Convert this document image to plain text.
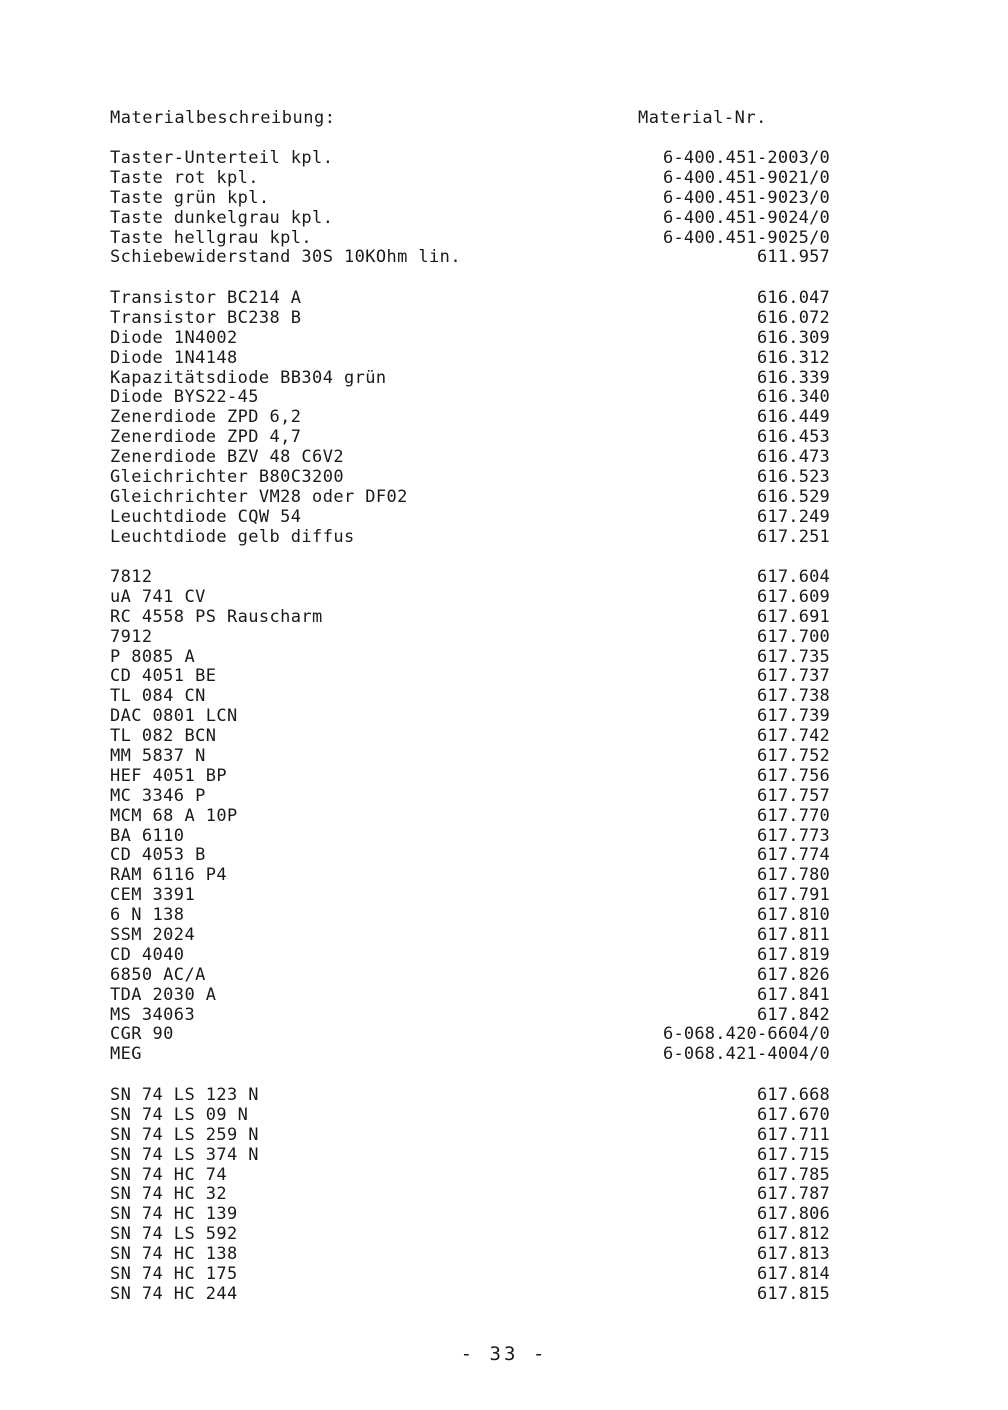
Materialbeschreibung:	Material-Nr.
Taster-Unterteil kpl.	6-400.451-2003/0
Taste rot kpl.	6-400.451-9021/0
Taste grün kpl.	6-400.451-9023/0
Taste dunkelgrau kpl.	6-400.451-9024/0
Taste hellgrau kpl.	6-400.451-9025/0
Schiebewiderstand 30S 10KOhm lin.	611.957
Transistor BC214 A	616.047
Transistor BC238 B	616.072
Diode 1N4002	616.309
Diode 1N4148	616.312
Kapazitätsdiode BB304 grün	616.339
Diode BYS22-45	616.340
Zenerdiode ZPD 6,2	616.449
Zenerdiode ZPD 4,7	616.453
Zenerdiode BZV 48 C6V2	616.473
Gleichrichter B80C3200	616.523
Gleichrichter VM28 oder DF02	616.529
Leuchtdiode CQW 54	617.249
Leuchtdiode gelb diffus	617.251
7812	617.604
uA 741 CV	617.609
RC 4558 PS Rauscharm	617.691
7912	617.700
P 8085 A	617.735
CD 4051 BE	617.737
TL 084 CN	617.738
DAC 0801 LCN	617.739
TL 082 BCN	617.742
MM 5837 N	617.752
HEF 4051 BP	617.756
MC 3346 P	617.757
MCM 68 A 10P	617.770
BA 6110	617.773
CD 4053 B	617.774
RAM 6116 P4	617.780
CEM 3391	617.791
6 N 138	617.810
SSM 2024	617.811
CD 4040	617.819
6850 AC/A	617.826
TDA 2030 A	617.841
MS 34063	617.842
CGR 90	6-068.420-6604/0
MEG	6-068.421-4004/0
SN 74 LS 123 N	617.668
SN 74 LS 09 N	617.670
SN 74 LS 259 N	617.711
SN 74 LS 374 N	617.715
SN 74 HC 74	617.785
SN 74 HC 32	617.787
SN 74 HC 139	617.806
SN 74 LS 592	617.812
SN 74 HC 138	617.813
SN 74 HC 175	617.814
SN 74 HC 244	617.815
- 33 -
